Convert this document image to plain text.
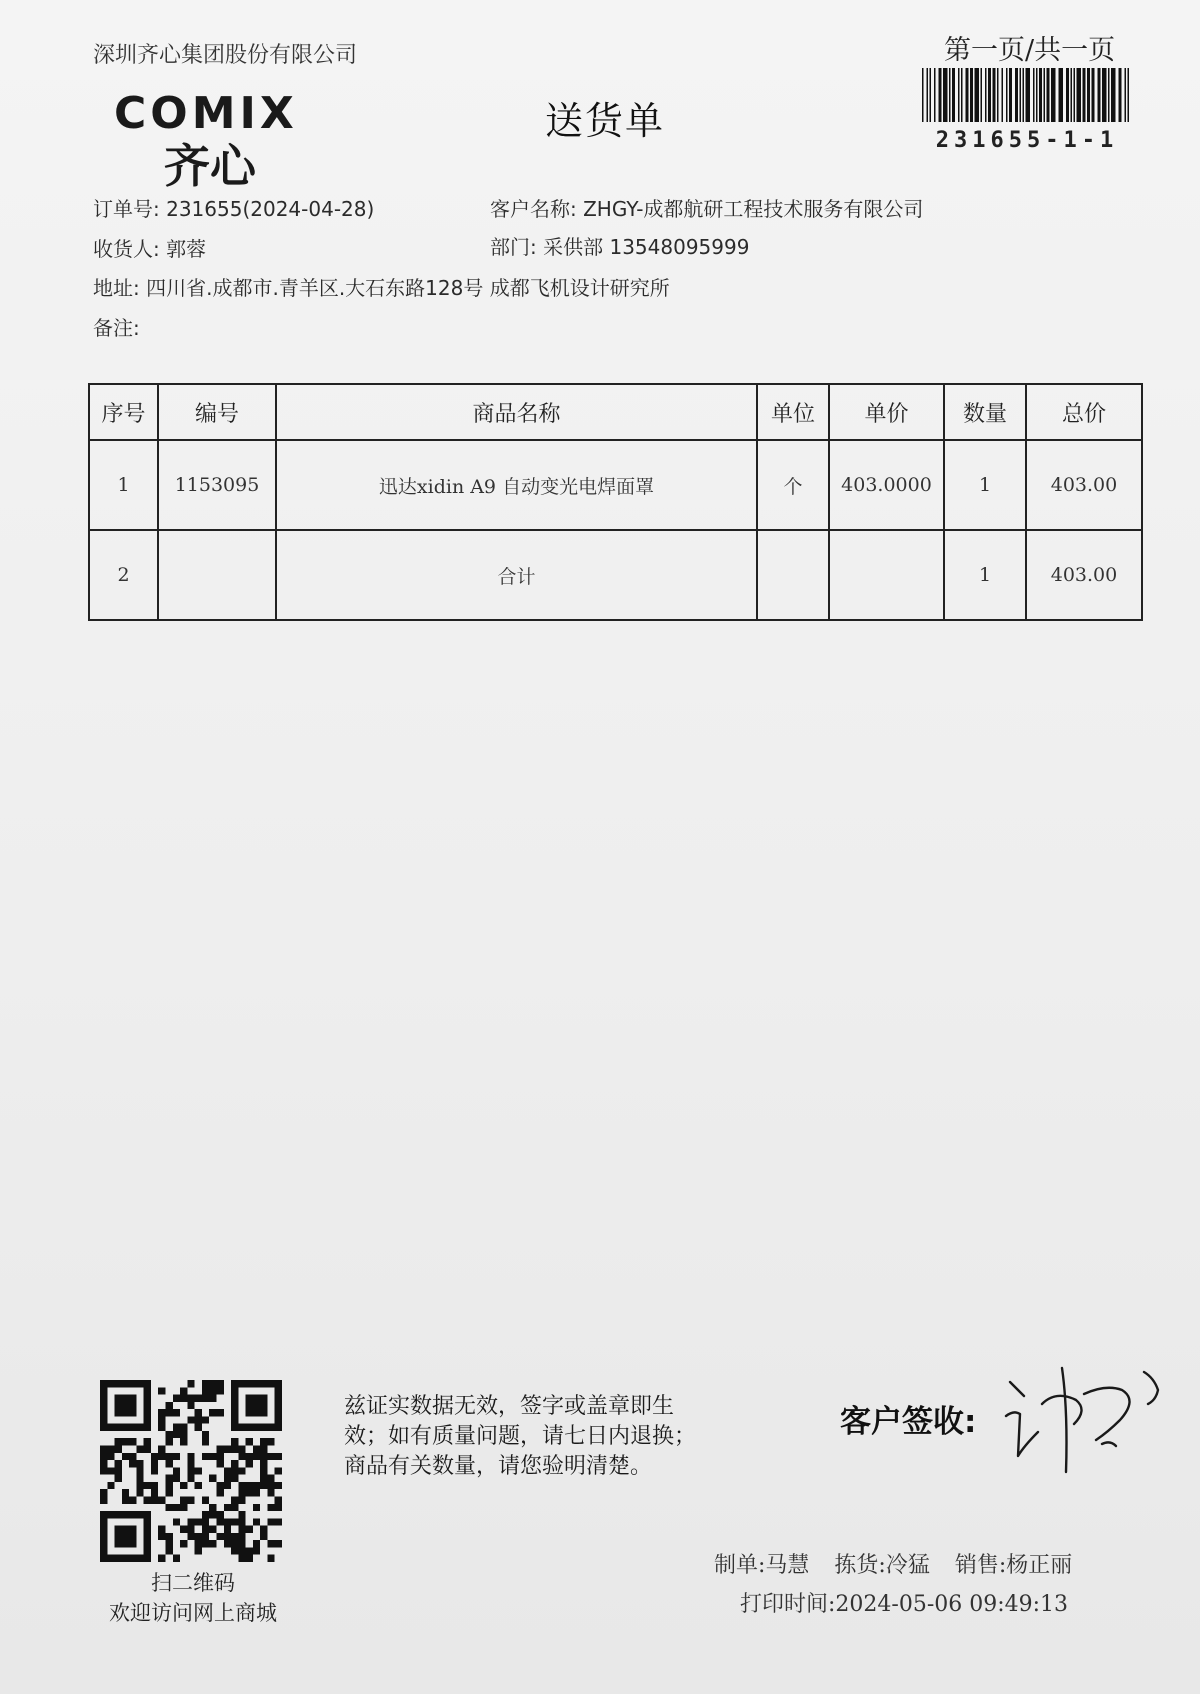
深圳齐心集团股份有限公司	第一页/共一页
231655-1-1
COMIX
齐心
送货单
订单号: 231655(2024-04-28)	客户名称: ZHGY-成都航研工程技术服务有限公司
收货人: 郭蓉	部门: 采供部 13548095999
地址: 四川省.成都市.青羊区.大石东路128号 成都飞机设计研究所
备注:
序号	编号	商品名称	单位	单价	数量	总价
1	1153095	迅达xidin A9 自动变光电焊面罩	个	403.0000	1	403.00
2		合计			1	403.00
扫二维码
欢迎访问网上商城
兹证实数据无效，签字或盖章即生
效；如有质量问题，请七日内退换；
商品有关数量，请您验明清楚。
客户签收:
制单:马慧 拣货:冷猛 销售:杨正丽
打印时间:2024-05-06 09:49:13
